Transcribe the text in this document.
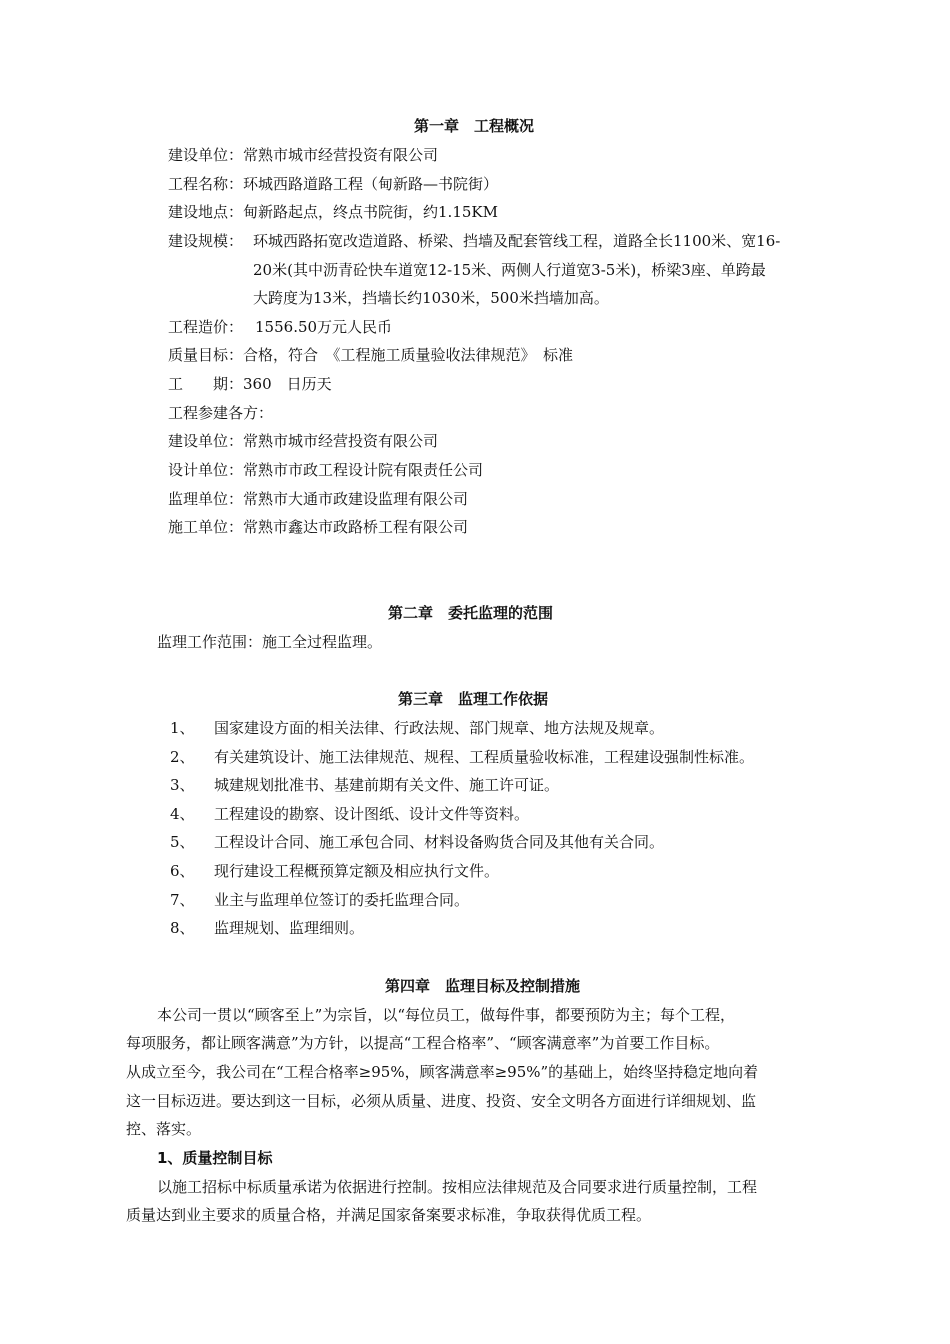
第一章　工程概况
建设单位：常熟市城市经营投资有限公司
工程名称：环城西路道路工程（甸新路—书院街）
建设地点：甸新路起点，终点书院街，约1.15KM
建设规模： 环城西路拓宽改造道路、桥梁、挡墙及配套管线工程，道路全长1100米、宽16-
20米(其中沥青砼快车道宽12-15米、两侧人行道宽3-5米)，桥梁3座、单跨最
大跨度为13米，挡墙长约1030米，500米挡墙加高。
工程造价： 1556.50万元人民币
质量目标：合格，符合　《工程施工质量验收法律规范》　标准
工　　期：360　日历天
工程参建各方：
建设单位：常熟市城市经营投资有限公司
设计单位：常熟市市政工程设计院有限责任公司
监理单位：常熟市大通市政建设监理有限公司
施工单位：常熟市鑫达市政路桥工程有限公司
第二章　委托监理的范围
监理工作范围：施工全过程监理。
第三章　监理工作依据
1、 国家建设方面的相关法律、行政法规、部门规章、地方法规及规章。
2、 有关建筑设计、施工法律规范、规程、工程质量验收标准，工程建设强制性标准。
3、 城建规划批准书、基建前期有关文件、施工许可证。
4、 工程建设的勘察、设计图纸、设计文件等资料。
5、 工程设计合同、施工承包合同、材料设备购货合同及其他有关合同。
6、 现行建设工程概预算定额及相应执行文件。
7、 业主与监理单位签订的委托监理合同。
8、 监理规划、监理细则。
第四章　监理目标及控制措施
本公司一贯以“顾客至上”为宗旨，以“每位员工，做每件事，都要预防为主；每个工程，
每项服务，都让顾客满意”为方针，以提高“工程合格率”、“顾客满意率”为首要工作目标。
从成立至今，我公司在“工程合格率≥95%，顾客满意率≥95%”的基础上，始终坚持稳定地向着
这一目标迈进。要达到这一目标，必须从质量、进度、投资、安全文明各方面进行详细规划、监
控、落实。
1、质量控制目标
以施工招标中标质量承诺为依据进行控制。按相应法律规范及合同要求进行质量控制，工程
质量达到业主要求的质量合格，并满足国家备案要求标准，争取获得优质工程。
